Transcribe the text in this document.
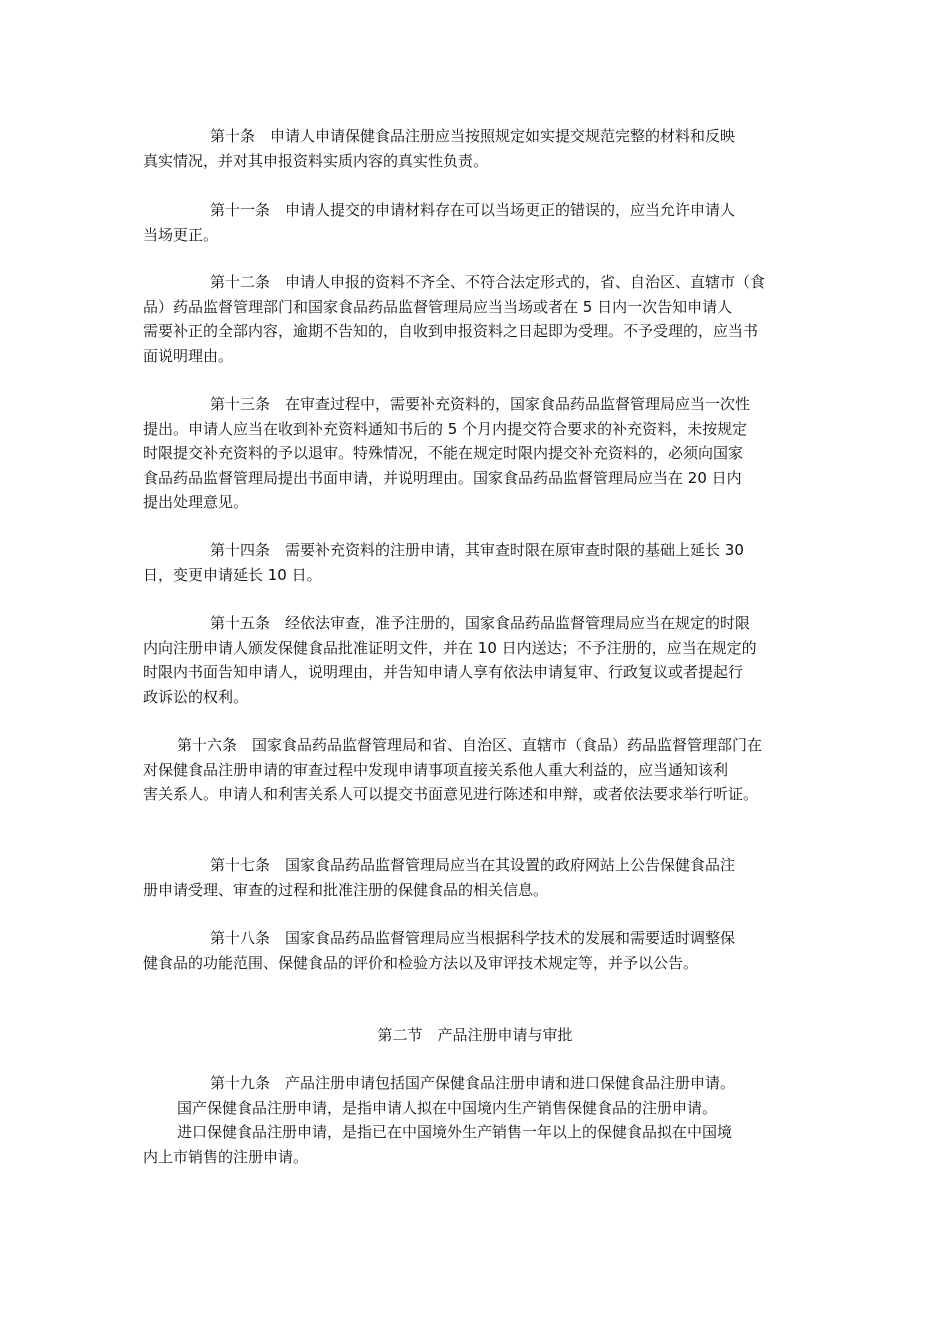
第十条　申请人申请保健食品注册应当按照规定如实提交规范完整的材料和反映
真实情况，并对其申报资料实质内容的真实性负责。

第十一条　申请人提交的申请材料存在可以当场更正的错误的，应当允许申请人
当场更正。

第十二条　申请人申报的资料不齐全、不符合法定形式的，省、自治区、直辖市（食
品）药品监督管理部门和国家食品药品监督管理局应当当场或者在 5 日内一次告知申请人
需要补正的全部内容，逾期不告知的，自收到申报资料之日起即为受理。不予受理的，应当书
面说明理由。

第十三条　在审查过程中，需要补充资料的，国家食品药品监督管理局应当一次性
提出。申请人应当在收到补充资料通知书后的 5 个月内提交符合要求的补充资料，未按规定
时限提交补充资料的予以退审。特殊情况，不能在规定时限内提交补充资料的，必须向国家
食品药品监督管理局提出书面申请，并说明理由。国家食品药品监督管理局应当在 20 日内
提出处理意见。

第十四条　需要补充资料的注册申请，其审查时限在原审查时限的基础上延长 30
日，变更申请延长 10 日。

第十五条　经依法审查，准予注册的，国家食品药品监督管理局应当在规定的时限
内向注册申请人颁发保健食品批准证明文件，并在 10 日内送达；不予注册的，应当在规定的
时限内书面告知申请人，说明理由，并告知申请人享有依法申请复审、行政复议或者提起行
政诉讼的权利。

第十六条　国家食品药品监督管理局和省、自治区、直辖市（食品）药品监督管理部门在
对保健食品注册申请的审查过程中发现申请事项直接关系他人重大利益的，应当通知该利
害关系人。申请人和利害关系人可以提交书面意见进行陈述和申辩，或者依法要求举行听证。

第十七条　国家食品药品监督管理局应当在其设置的政府网站上公告保健食品注
册申请受理、审查的过程和批准注册的保健食品的相关信息。

第十八条　国家食品药品监督管理局应当根据科学技术的发展和需要适时调整保
健食品的功能范围、保健食品的评价和检验方法以及审评技术规定等，并予以公告。

第二节　产品注册申请与审批

第十九条　产品注册申请包括国产保健食品注册申请和进口保健食品注册申请。
国产保健食品注册申请，是指申请人拟在中国境内生产销售保健食品的注册申请。
进口保健食品注册申请，是指已在中国境外生产销售一年以上的保健食品拟在中国境
内上市销售的注册申请。
